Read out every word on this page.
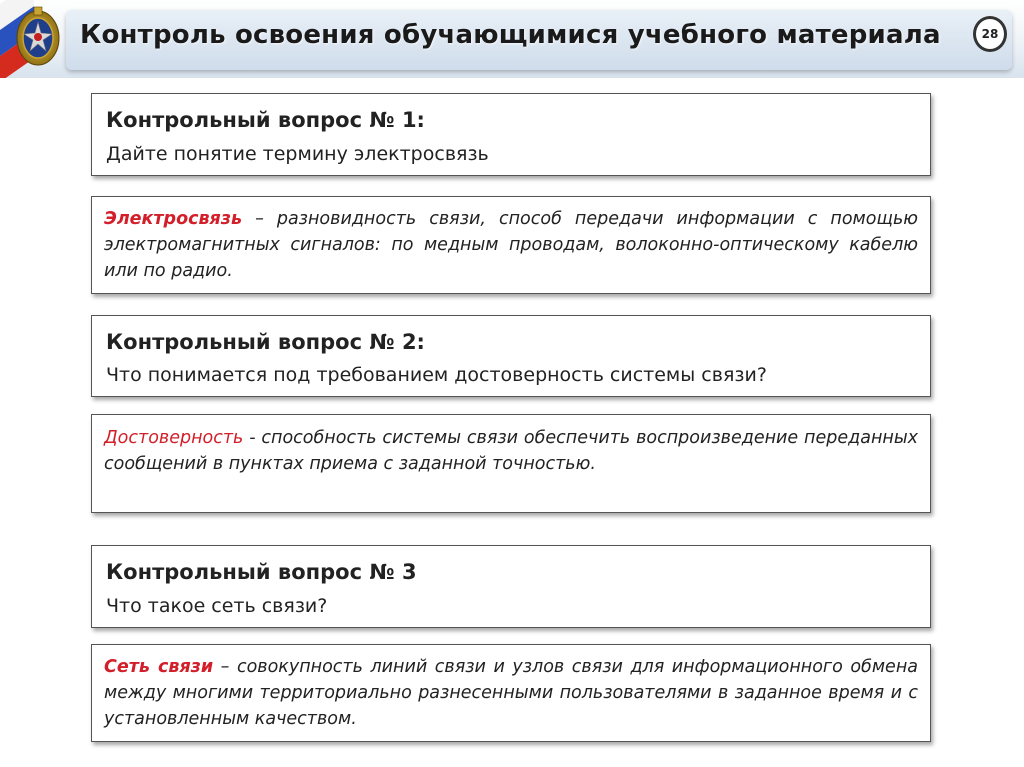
Контроль освоения обучающимися учебного материала	28
Контрольный вопрос № 1:
Дайте понятие термину электросвязь
Электросвязь – разновидность связи, способ передачи информации с помощью электромагнитных сигналов: по медным проводам, волоконно-оптическому кабелю или по радио.
Контрольный вопрос № 2:
Что понимается под требованием достоверность системы связи?
Достоверность - способность системы связи обеспечить воспроизведение переданных сообщений в пунктах приема с заданной точностью.
Контрольный вопрос № 3
Что такое сеть связи?
Сеть связи – совокупность линий связи и узлов связи для информационного обмена между многими территориально разнесенными пользователями в заданное время и с установленным качеством.
